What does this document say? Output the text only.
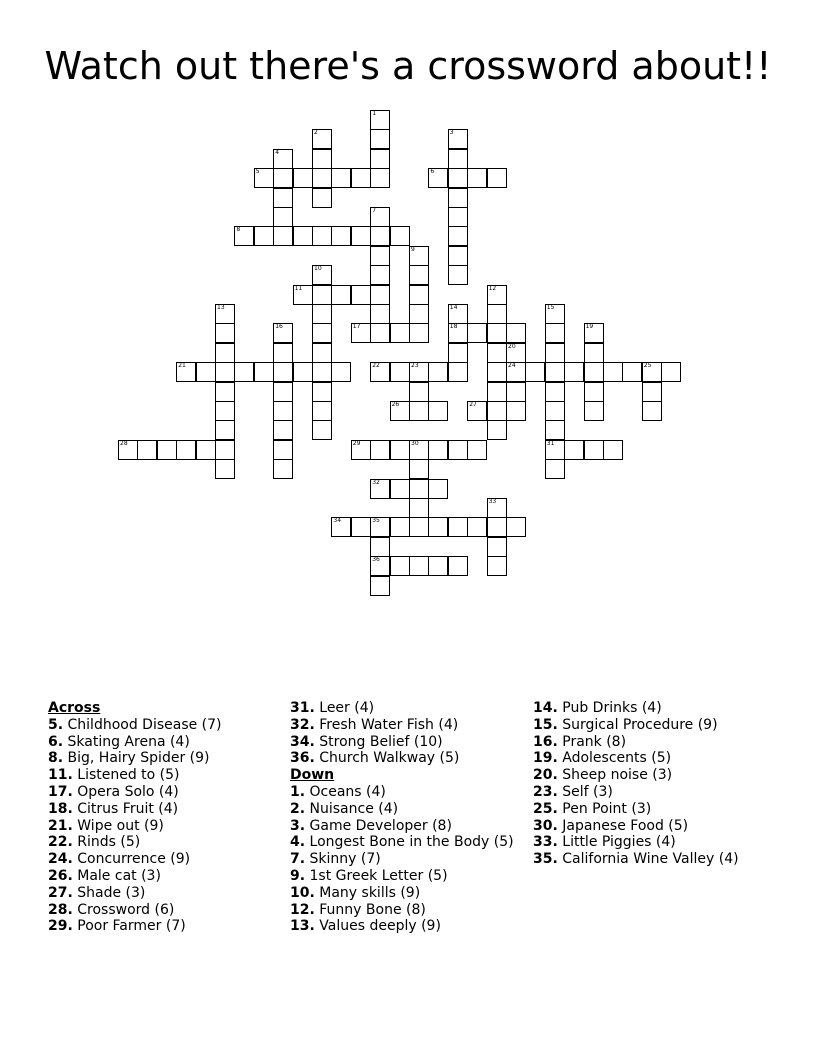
Watch out there's a crossword about!!
1
2	3
4
5	6
7
8
9
10
11	12
13	14
18
15
31
16	17	19
20
24
21	22	23	25
26	27
28	29	30
32
33
34	35
36
Across
5. Childhood Disease (7)
6. Skating Arena (4)
8. Big, Hairy Spider (9)
11. Listened to (5)
17. Opera Solo (4)
18. Citrus Fruit (4)
21. Wipe out (9)
22. Rinds (5)
24. Concurrence (9)
26. Male cat (3)
27. Shade (3)
28. Crossword (6)
29. Poor Farmer (7)
31. Leer (4)
32. Fresh Water Fish (4)
34. Strong Belief (10)
36. Church Walkway (5)
Down
1. Oceans (4)
2. Nuisance (4)
3. Game Developer (8)
4. Longest Bone in the Body (5)
7. Skinny (7)
9. 1st Greek Letter (5)
10. Many skills (9)
12. Funny Bone (8)
13. Values deeply (9)
14. Pub Drinks (4)
15. Surgical Procedure (9)
16. Prank (8)
19. Adolescents (5)
20. Sheep noise (3)
23. Self (3)
25. Pen Point (3)
30. Japanese Food (5)
33. Little Piggies (4)
35. California Wine Valley (4)
